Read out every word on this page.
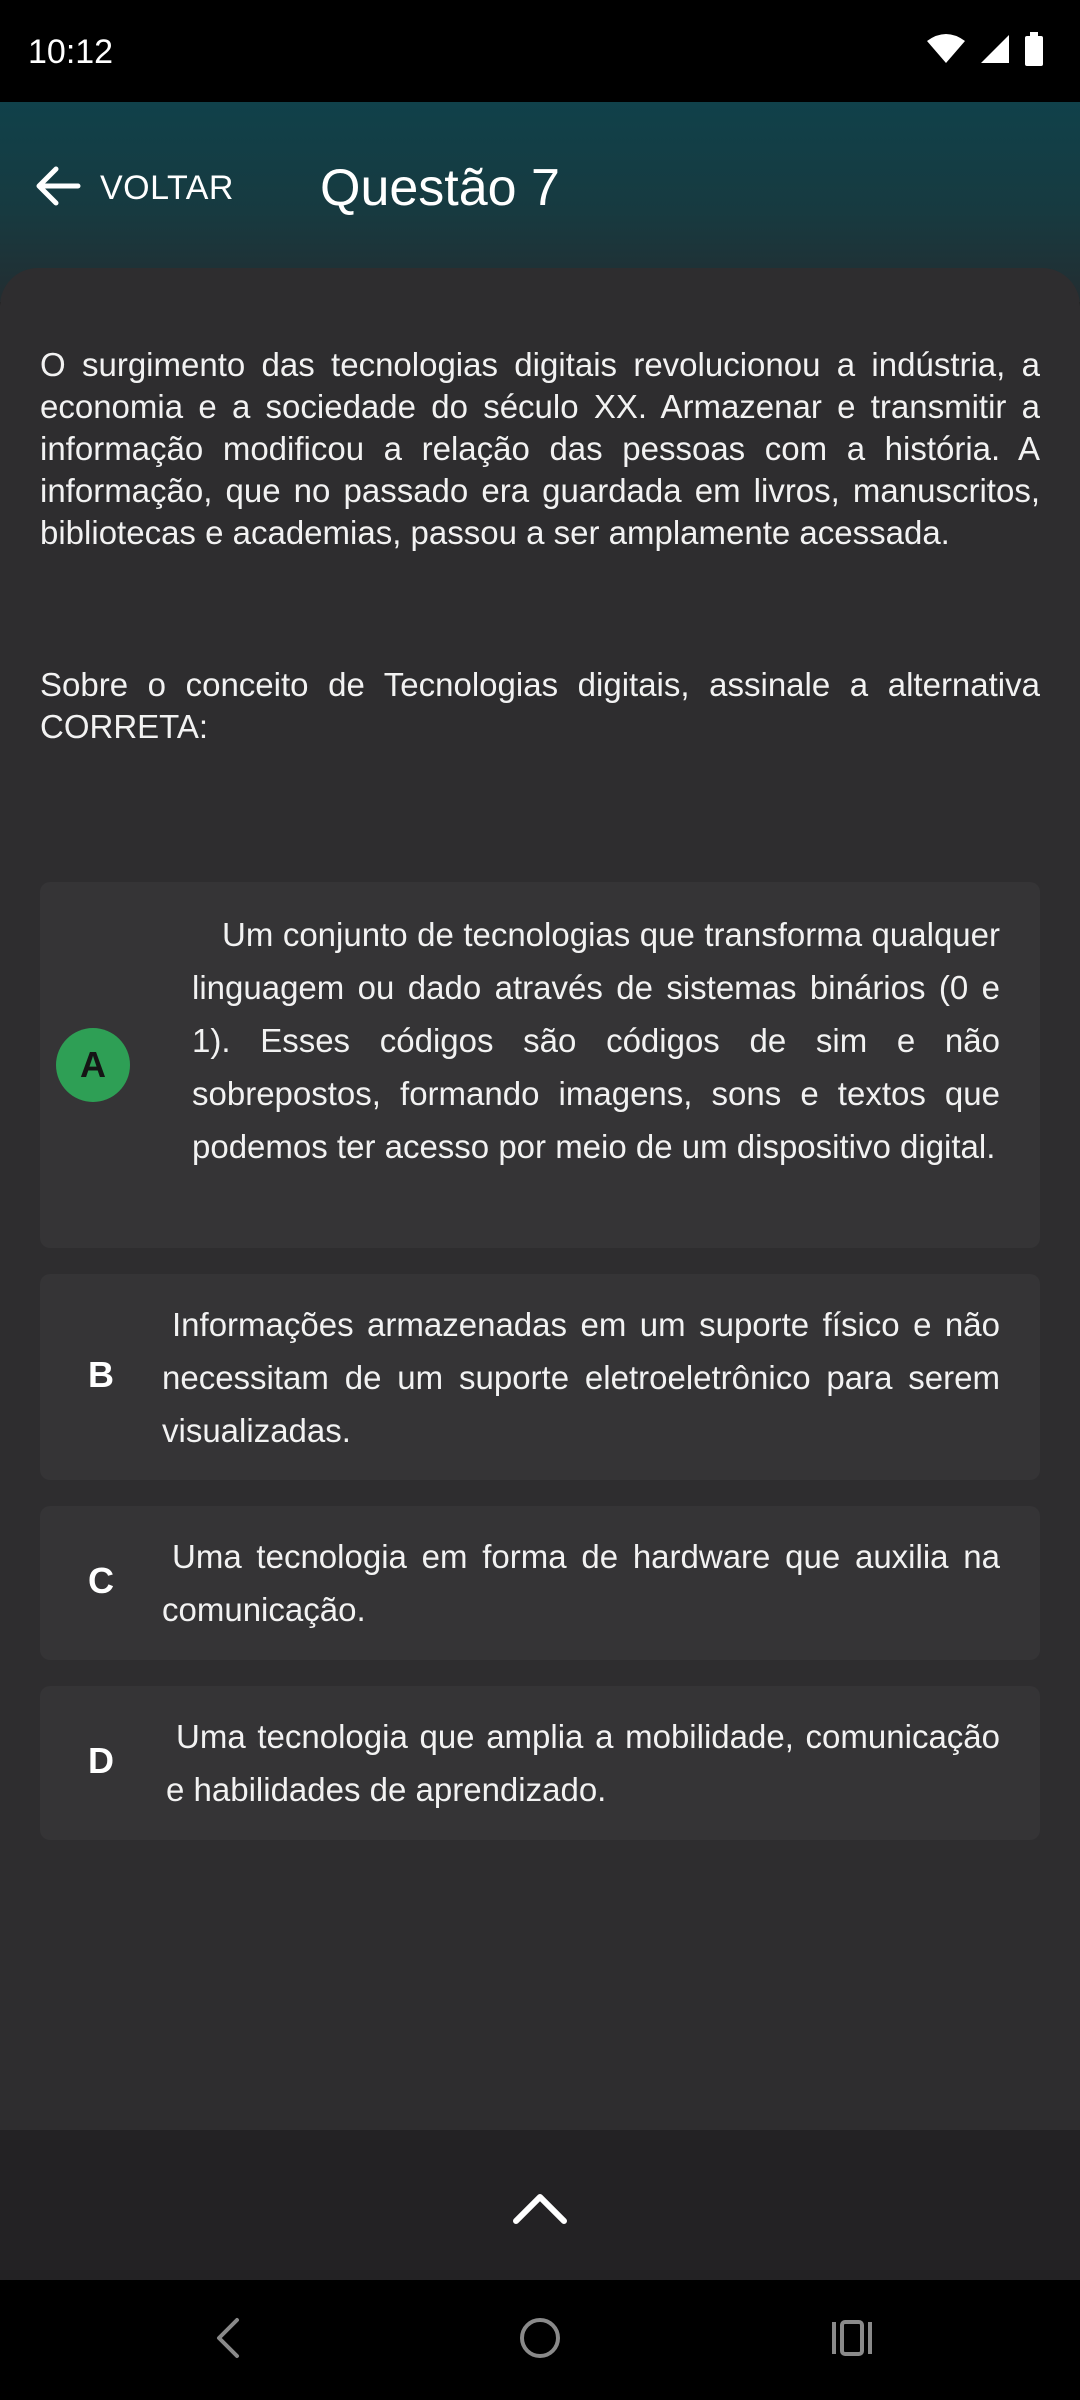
10:12
VOLTAR Questão 7

O surgimento das tecnologias digitais revolucionou a indústria, a economia e a sociedade do século XX. Armazenar e transmitir a informação modificou a relação das pessoas com a história. A informação, que no passado era guardada em livros, manuscritos, bibliotecas e academias, passou a ser amplamente acessada.

Sobre o conceito de Tecnologias digitais, assinale a alternativa CORRETA:

A
Um conjunto de tecnologias que transforma qualquer linguagem ou dado através de sistemas binários (0 e 1). Esses códigos são códigos de sim e não sobrepostos, formando imagens, sons e textos que podemos ter acesso por meio de um dispositivo digital.
B
Informações armazenadas em um suporte físico e não necessitam de um suporte eletroeletrônico para serem visualizadas.
C
Uma tecnologia em forma de hardware que auxilia na comunicação.
D
Uma tecnologia que amplia a mobilidade, comunicação e habilidades de aprendizado.
